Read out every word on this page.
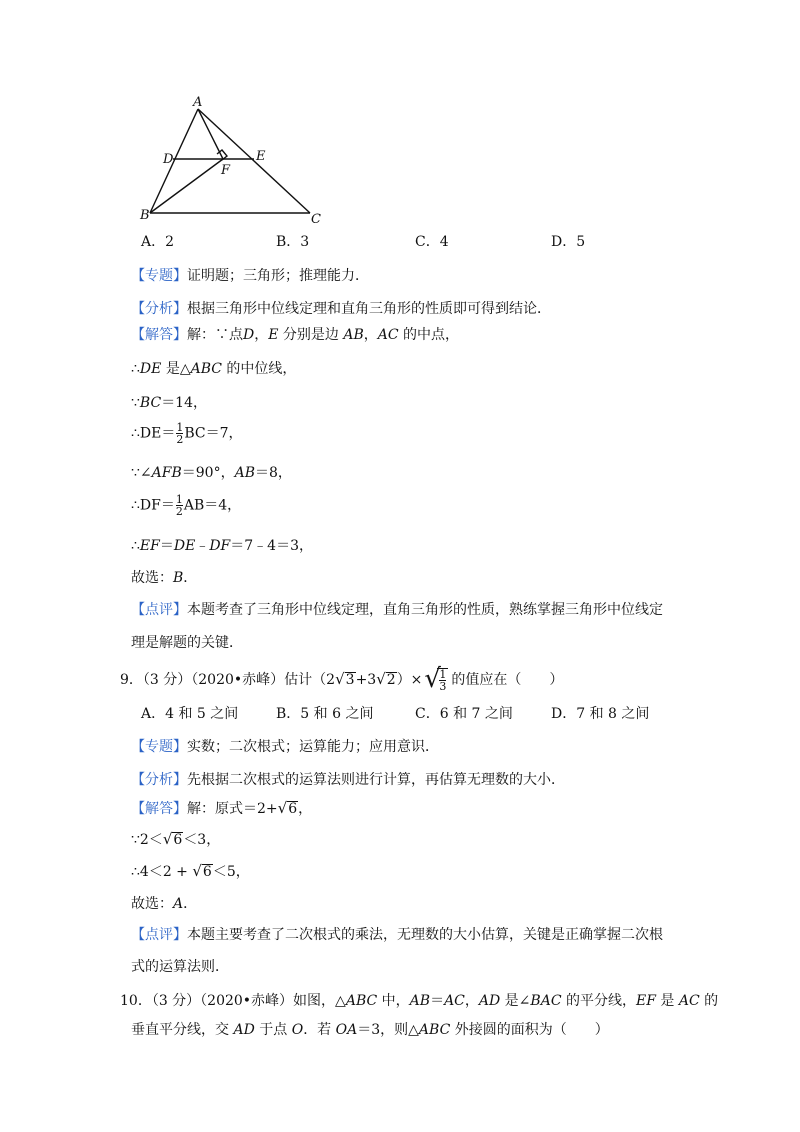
A
D	E
F
B	C
A．2	B．3	C．4	D．5
【专题】证明题；三角形；推理能力．
【分析】根据三角形中位线定理和直角三角形的性质即可得到结论．
【解答】解：∵点D，E 分别是边 AB，AC 的中点，
∴DE 是△ABC 的中位线，
∵BC＝14，
∴DE＝ $\frac{1}{2} BC=7$，
∵∠AFB＝90°，AB＝8，
∴DF＝ $\frac{1}{2} AB=4$，
∴EF＝DE﹣DF＝7﹣4＝3，
故选：B．
【点评】本题考查了三角形中位线定理，直角三角形的性质，熟练掌握三角形中位线定
理是解题的关键．
9．（3 分）（2020•赤峰）估计（2√3+3√2）× √
$\frac{1}{3}$ 的值应在（　　）
A．4 和 5 之间	B．5 和 6 之间	C．6 和 7 之间	D．7 和 8 之间
【专题】实数；二次根式；运算能力；应用意识．
【分析】先根据二次根式的运算法则进行计算，再估算无理数的大小．
【解答】解：原式＝2+√6，
∵2＜√6＜3，
∴4＜2 + √6＜5，
故选：A．
【点评】本题主要考查了二次根式的乘法，无理数的大小估算，关键是正确掌握二次根
式的运算法则．
10．（3 分）（2020•赤峰）如图，△ABC 中，AB＝AC，AD 是∠BAC 的平分线，EF 是 AC 的
垂直平分线，交 AD 于点 O．若 OA＝3，则△ABC 外接圆的面积为（　　）
